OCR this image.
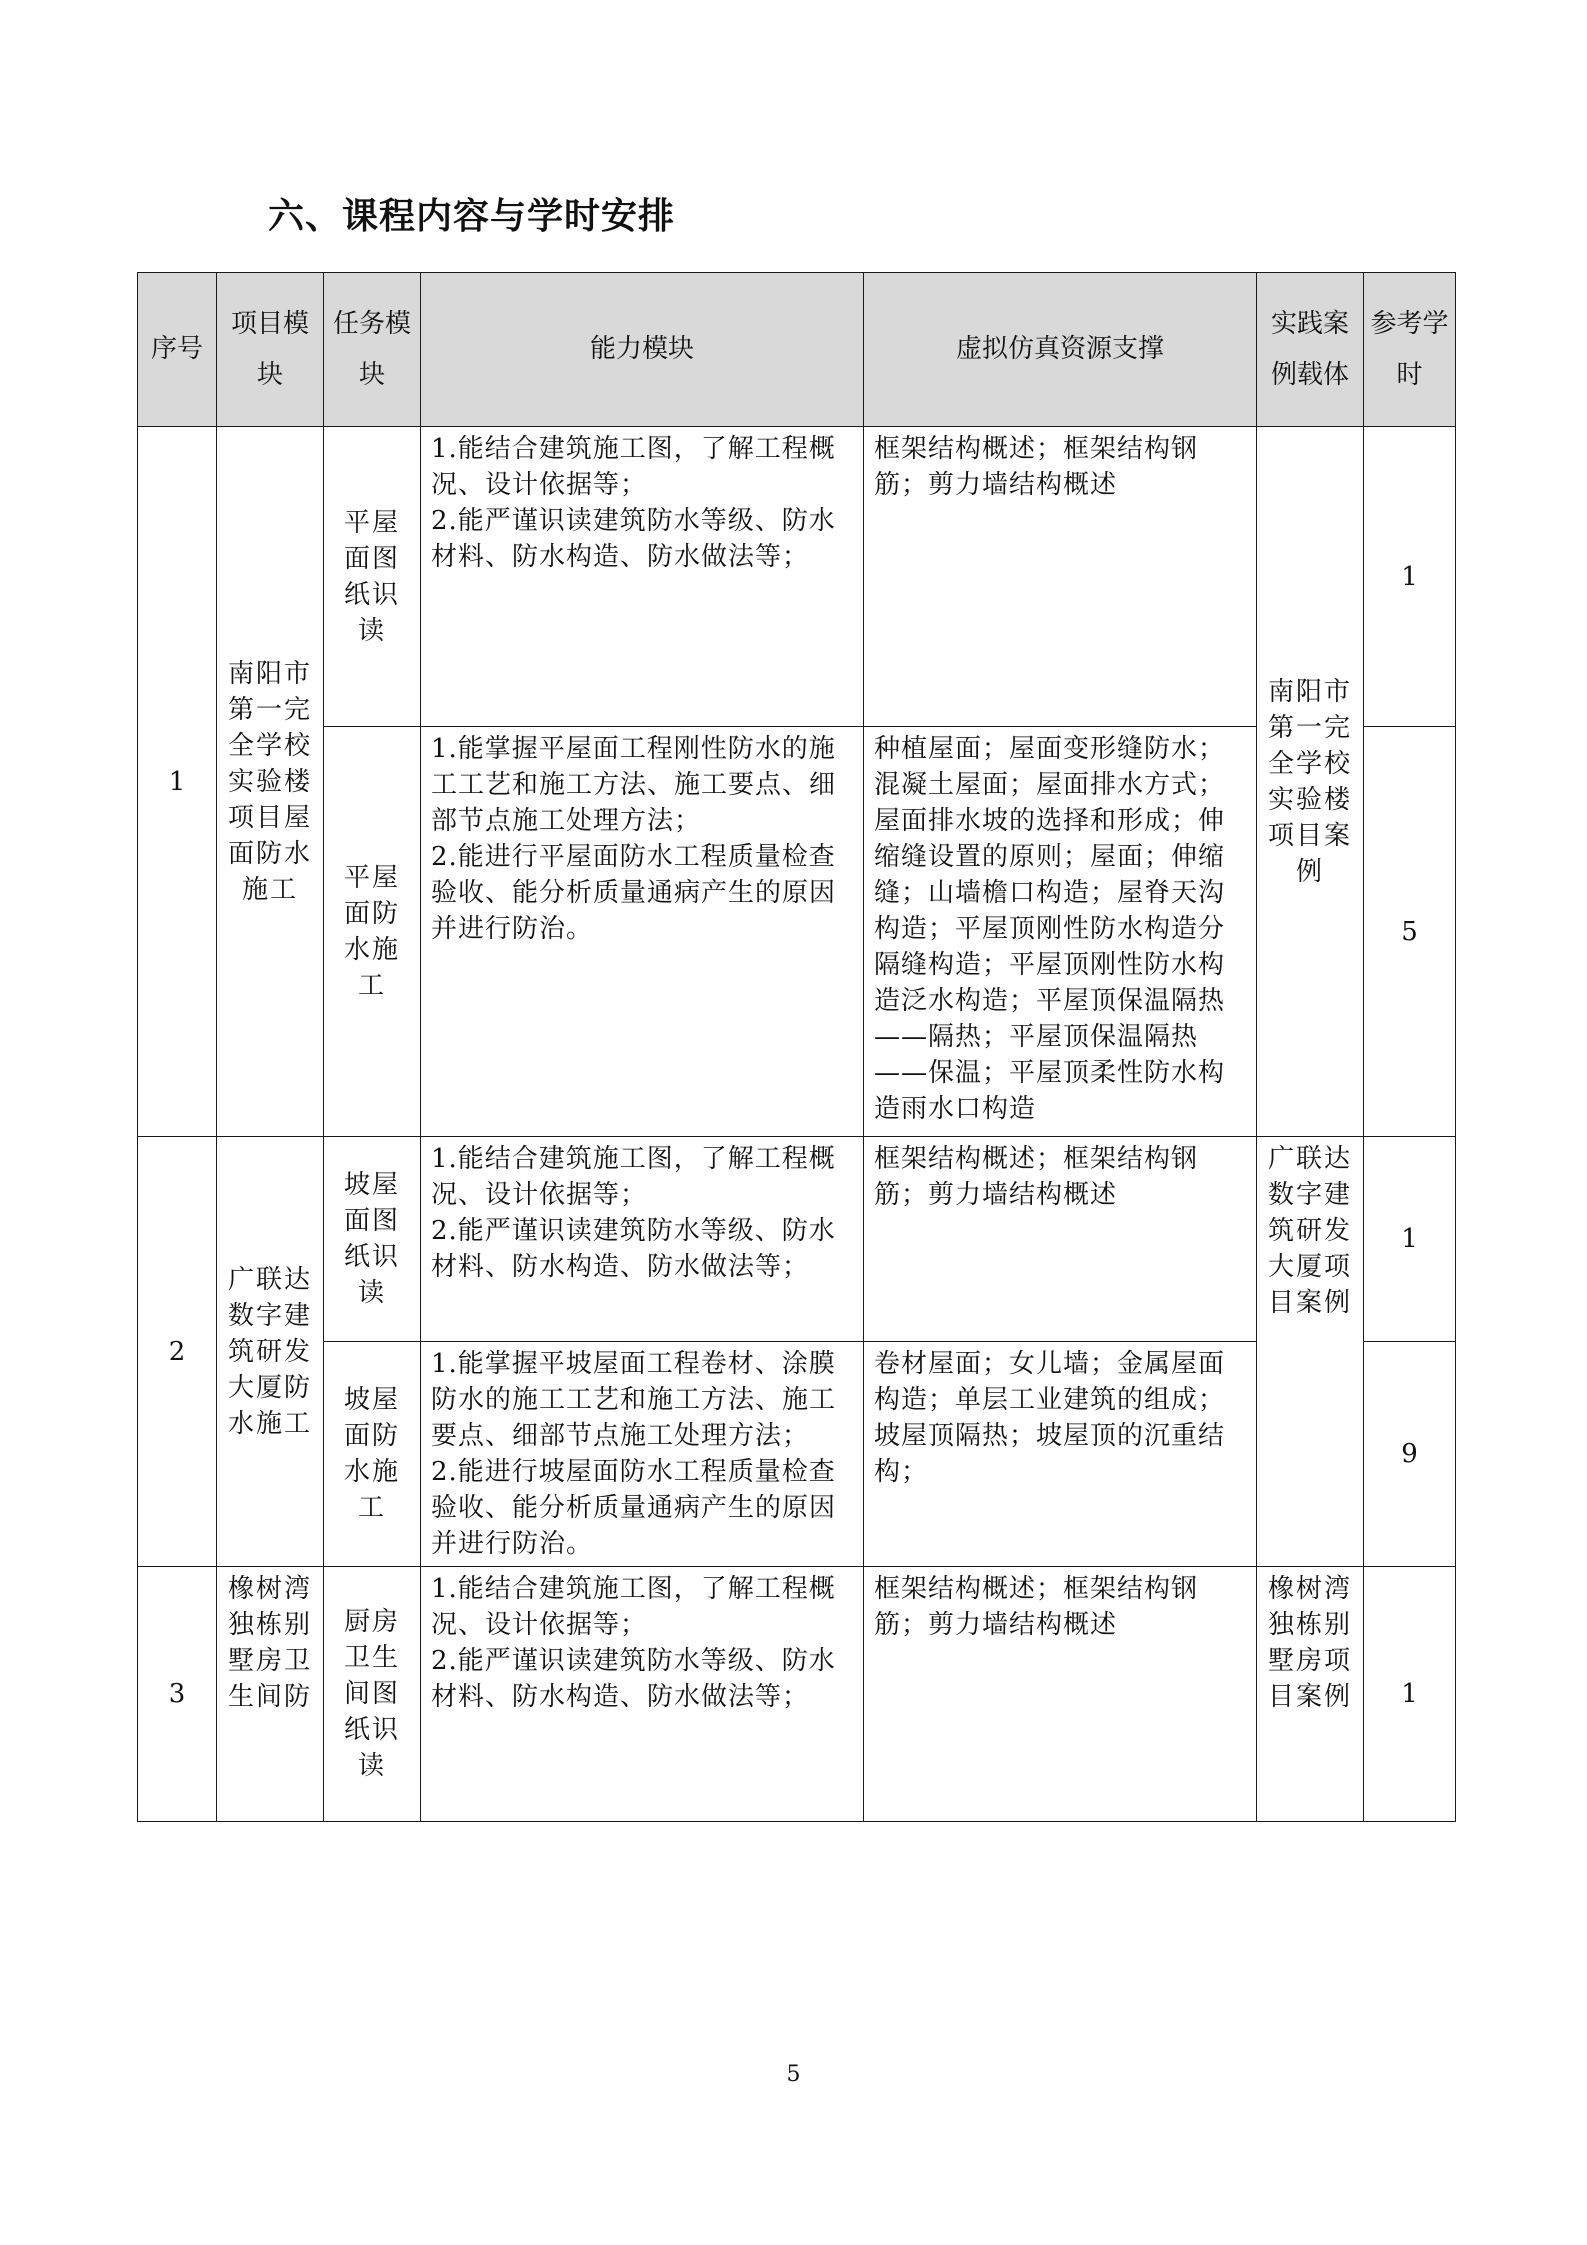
六、课程内容与学时安排
序号	项目模块	任务模块	能力模块	虚拟仿真资源支撑	实践案例载体	参考学时
1	南阳市第一完全学校实验楼项目屋面防水施工	平屋面图纸识读	1.能结合建筑施工图，了解工程概况、设计依据等；
2.能严谨识读建筑防水等级、防水材料、防水构造、防水做法等；	框架结构概述；框架结构钢筋；剪力墙结构概述	南阳市第一完全学校实验楼项目案例	1
		平屋面防水施工	1.能掌握平屋面工程刚性防水的施工工艺和施工方法、施工要点、细部节点施工处理方法；
2.能进行平屋面防水工程质量检查验收、能分析质量通病产生的原因并进行防治。	种植屋面；屋面变形缝防水；混凝土屋面；屋面排水方式；屋面排水坡的选择和形成；伸缩缝设置的原则；屋面；伸缩缝；山墙檐口构造；屋脊天沟构造；平屋顶刚性防水构造分隔缝构造；平屋顶刚性防水构造泛水构造；平屋顶保温隔热——隔热；平屋顶保温隔热——保温；平屋顶柔性防水构造雨水口构造		5
2	广联达数字建筑研发大厦防水施工	坡屋面图纸识读	1.能结合建筑施工图，了解工程概况、设计依据等；
2.能严谨识读建筑防水等级、防水材料、防水构造、防水做法等；	框架结构概述；框架结构钢筋；剪力墙结构概述	广联达数字建筑研发大厦项目案例	1
		坡屋面防水施工	1.能掌握平坡屋面工程卷材、涂膜防水的施工工艺和施工方法、施工要点、细部节点施工处理方法；
2.能进行坡屋面防水工程质量检查验收、能分析质量通病产生的原因并进行防治。	卷材屋面；女儿墙；金属屋面构造；单层工业建筑的组成；坡屋顶隔热；坡屋顶的沉重结构；		9
3	橡树湾独栋别墅房卫生间防	厨房卫生间图纸识读	1.能结合建筑施工图，了解工程概况、设计依据等；
2.能严谨识读建筑防水等级、防水材料、防水构造、防水做法等；	框架结构概述；框架结构钢筋；剪力墙结构概述	橡树湾独栋别墅房项目案例	1
5
